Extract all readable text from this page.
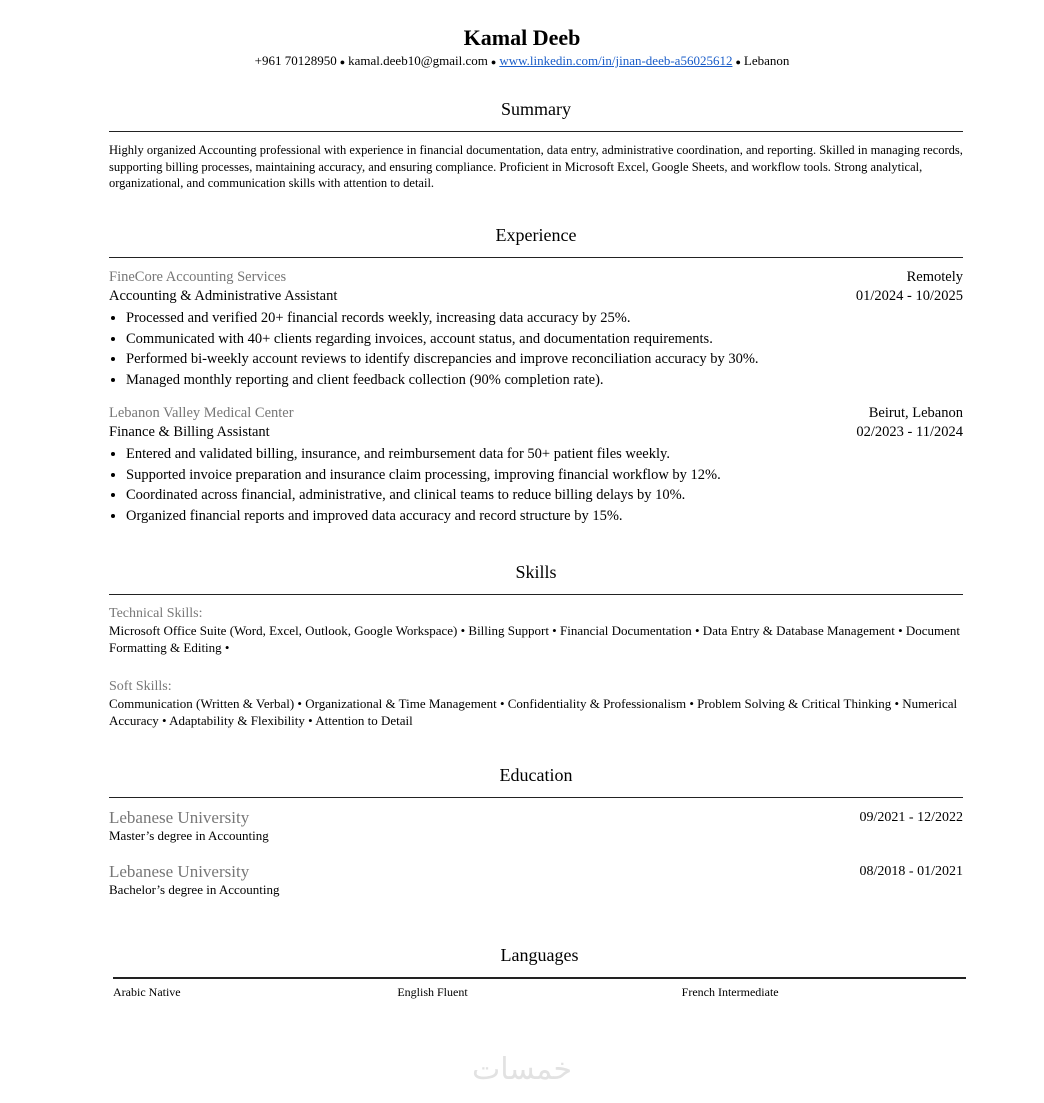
Kamal Deeb
+961 70128950 ● kamal.deeb10@gmail.com ● www.linkedin.com/in/jinan-deeb-a56025612 ● Lebanon
Summary
Highly organized Accounting professional with experience in financial documentation, data entry, administrative coordination, and reporting. Skilled in managing records, supporting billing processes, maintaining accuracy, and ensuring compliance. Proficient in Microsoft Excel, Google Sheets, and workflow tools. Strong analytical, organizational, and communication skills with attention to detail.
Experience
FineCore Accounting Services	Remotely
Accounting & Administrative Assistant	01/2024 - 10/2025
• Processed and verified 20+ financial records weekly, increasing data accuracy by 25%.
• Communicated with 40+ clients regarding invoices, account status, and documentation requirements.
• Performed bi-weekly account reviews to identify discrepancies and improve reconciliation accuracy by 30%.
• Managed monthly reporting and client feedback collection (90% completion rate).
Lebanon Valley Medical Center	Beirut, Lebanon
Finance & Billing Assistant	02/2023 - 11/2024
• Entered and validated billing, insurance, and reimbursement data for 50+ patient files weekly.
• Supported invoice preparation and insurance claim processing, improving financial workflow by 12%.
• Coordinated across financial, administrative, and clinical teams to reduce billing delays by 10%.
• Organized financial reports and improved data accuracy and record structure by 15%.
Skills
Technical Skills:
Microsoft Office Suite (Word, Excel, Outlook, Google Workspace) • Billing Support • Financial Documentation • Data Entry & Database Management • Document Formatting & Editing •
Soft Skills:
Communication (Written & Verbal) • Organizational & Time Management • Confidentiality & Professionalism • Problem Solving & Critical Thinking • Numerical Accuracy • Adaptability & Flexibility • Attention to Detail
Education
Lebanese University	09/2021 - 12/2022
Master’s degree in Accounting
Lebanese University	08/2018 - 01/2021
Bachelor’s degree in Accounting
Languages
Arabic Native	English Fluent	French Intermediate
خمسات
